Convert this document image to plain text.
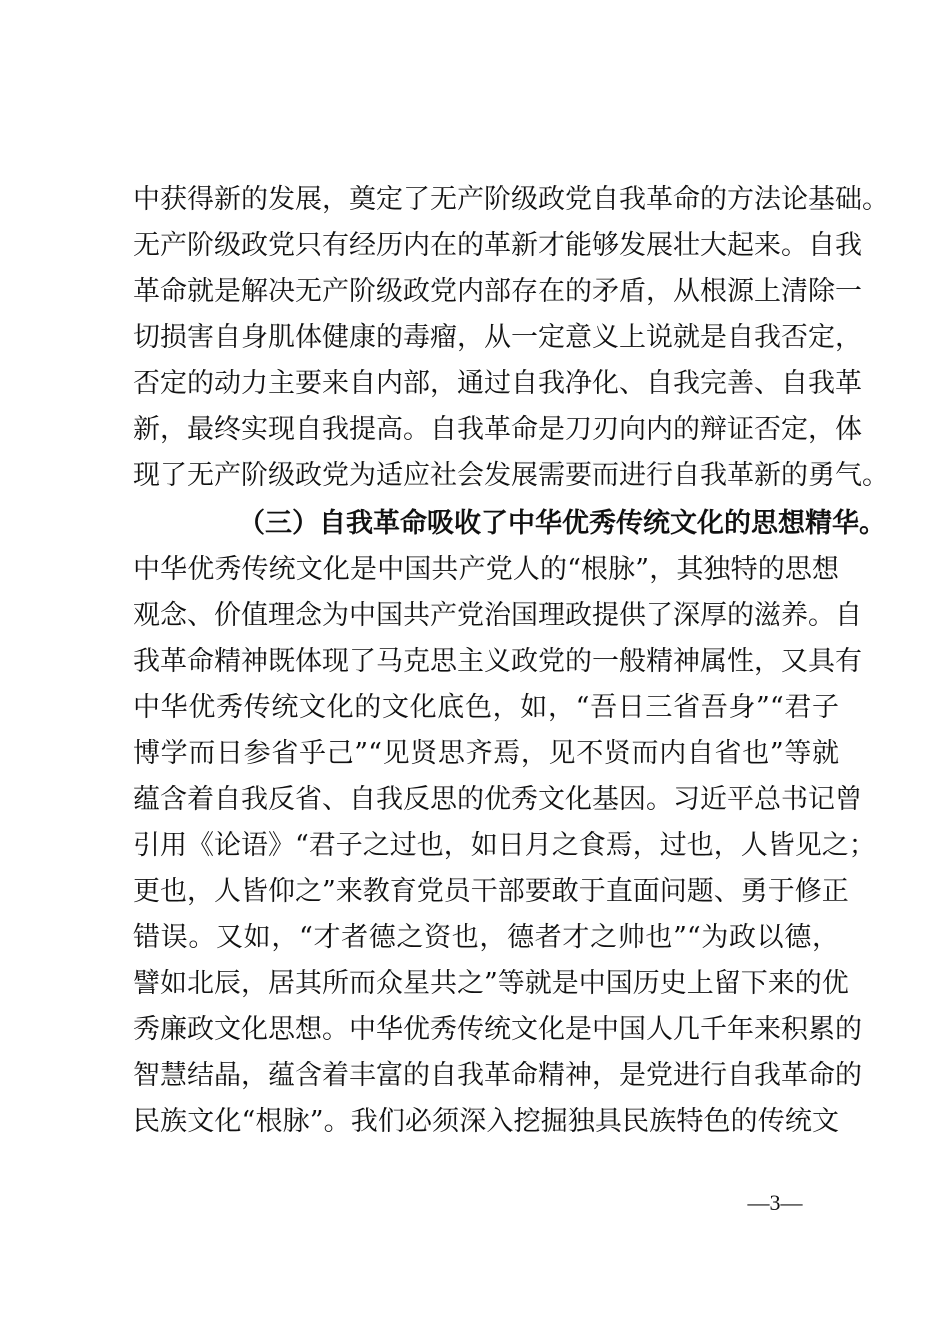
中获得新的发展，奠定了无产阶级政党自我革命的方法论基础。
无产阶级政党只有经历内在的革新才能够发展壮大起来。自我
革命就是解决无产阶级政党内部存在的矛盾，从根源上清除一
切损害自身肌体健康的毒瘤，从一定意义上说就是自我否定，
否定的动力主要来自内部，通过自我净化、自我完善、自我革
新，最终实现自我提高。自我革命是刀刃向内的辩证否定，体
现了无产阶级政党为适应社会发展需要而进行自我革新的勇气。
（三）自我革命吸收了中华优秀传统文化的思想精华。
中华优秀传统文化是中国共产党人的“根脉”，其独特的思想
观念、价值理念为中国共产党治国理政提供了深厚的滋养。自
我革命精神既体现了马克思主义政党的一般精神属性，又具有
中华优秀传统文化的文化底色，如，“吾日三省吾身”“君子
博学而日参省乎己”“见贤思齐焉，见不贤而内自省也”等就
蕴含着自我反省、自我反思的优秀文化基因。习近平总书记曾
引用《论语》“君子之过也，如日月之食焉，过也，人皆见之；
更也，人皆仰之”来教育党员干部要敢于直面问题、勇于修正
错误。又如，“才者德之资也，德者才之帅也”“为政以德，
譬如北辰，居其所而众星共之”等就是中国历史上留下来的优
秀廉政文化思想。中华优秀传统文化是中国人几千年来积累的
智慧结晶，蕴含着丰富的自我革命精神，是党进行自我革命的
民族文化“根脉”。我们必须深入挖掘独具民族特色的传统文
—3—
